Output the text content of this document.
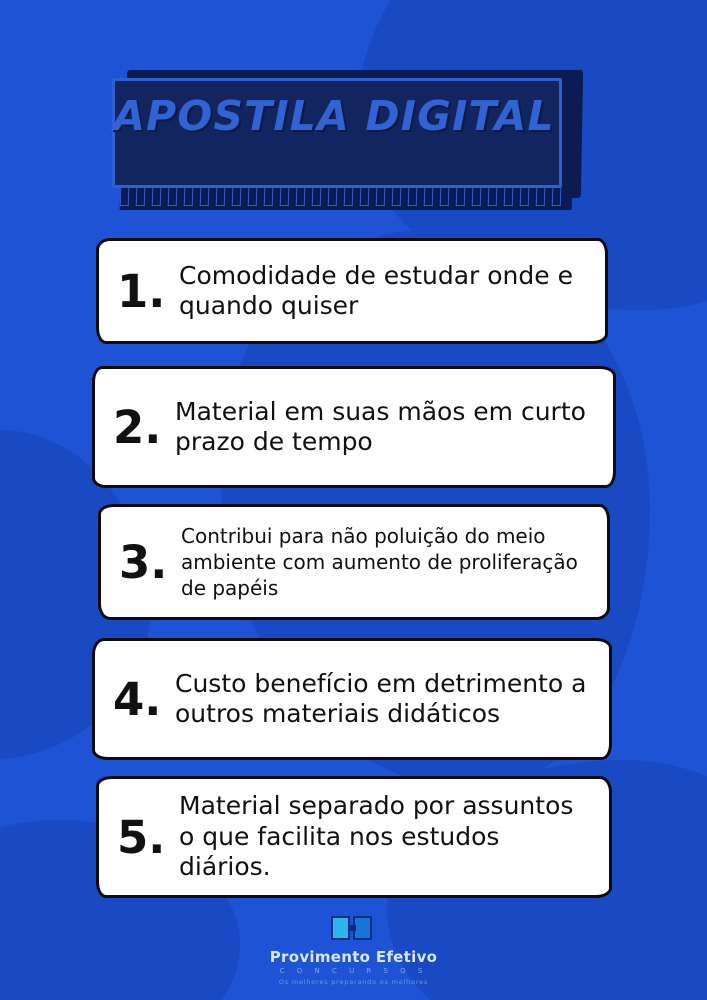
APOSTILA DIGITAL
1. Comodidade de estudar onde e quando quiser
2. Material em suas mãos em curto prazo de tempo
3. Contribui para não poluição do meio ambiente com aumento de proliferação de papéis
4. Custo benefício em detrimento a outros materiais didáticos
5.
Material separado por assuntos o que facilita nos estudos diários.
Provimento Efetivo
C O N C U R S O S
Os melhores preparando os melhores
